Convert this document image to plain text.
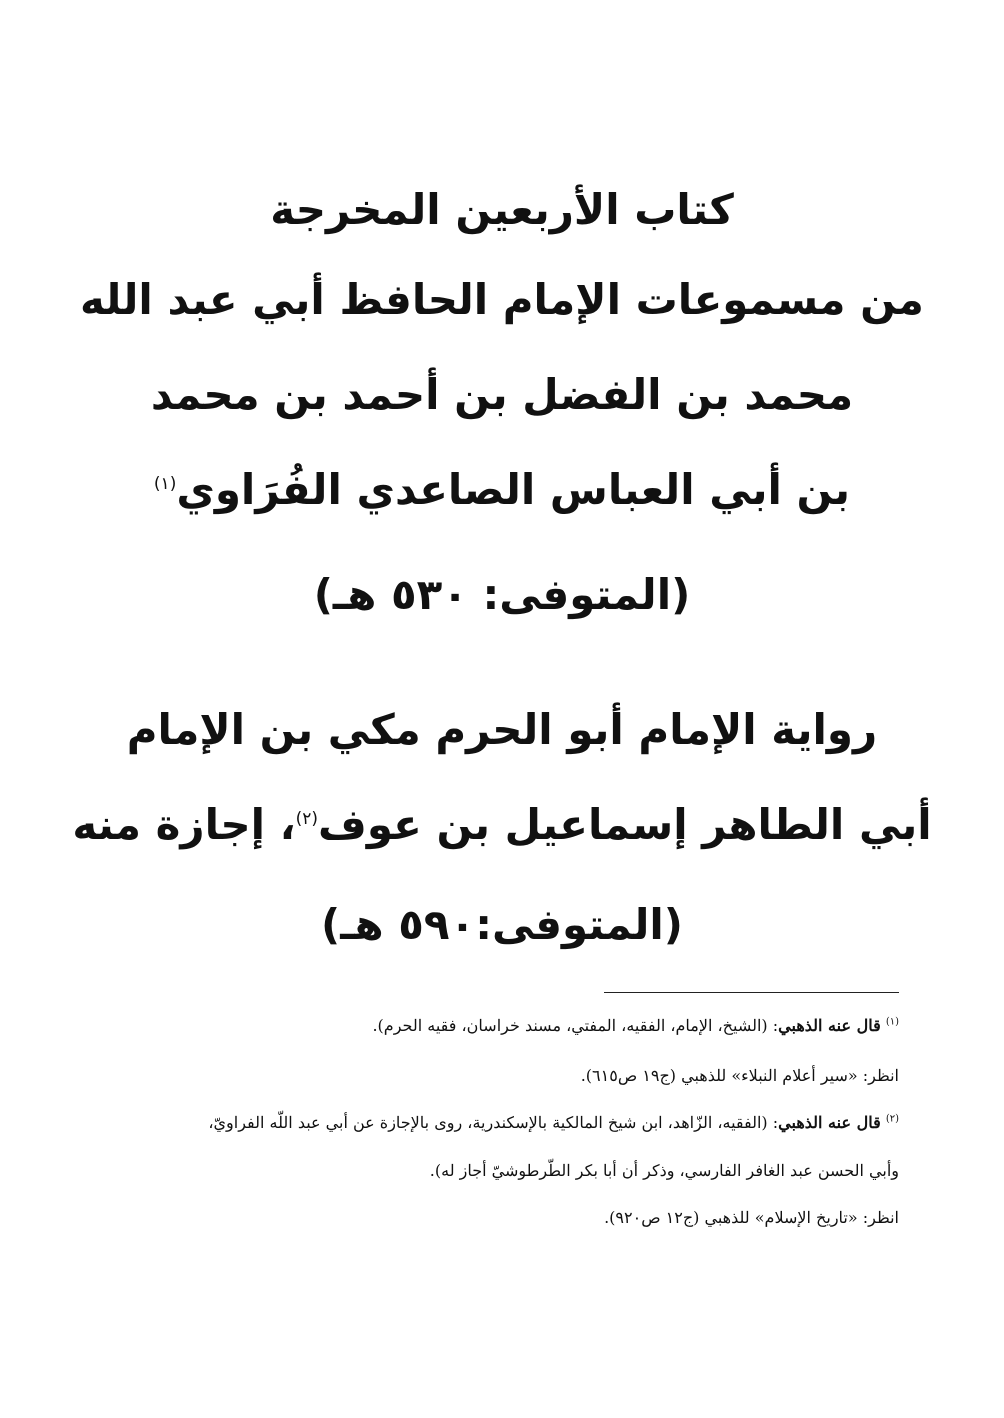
كتاب الأربعين المخرجة
من مسموعات الإمام الحافظ أبي عبد الله
محمد بن الفضل بن أحمد بن محمد
بن أبي العباس الصاعدي الفُرَاوي$^{(١)}$
(المتوفى: ٥٣٠ هـ)
رواية الإمام أبو الحرم مكي بن الإمام
أبي الطاهر إسماعيل بن عوف$^{(٢)}$، إجازة منه
(المتوفى:٥٩٠ هـ)
$^{(١)}$ قال عنه الذهبي: (الشيخ، الإمام، الفقيه، المفتي، مسند خراسان، فقيه الحرم).
انظر: «سير أعلام النبلاء» للذهبي (ج١٩ ص٦١٥).
$^{(٢)}$ قال عنه الذهبي: (الفقيه، الزّاهد، ابن شيخ المالكية بالإسكندرية، روى بالإجازة عن أبي عبد اللّه الفراويّ،
وأبي الحسن عبد الغافر الفارسي، وذكر أن أبا بكر الطّرطوشيّ أجاز له).
انظر: «تاريخ الإسلام» للذهبي (ج١٢ ص٩٢٠).
